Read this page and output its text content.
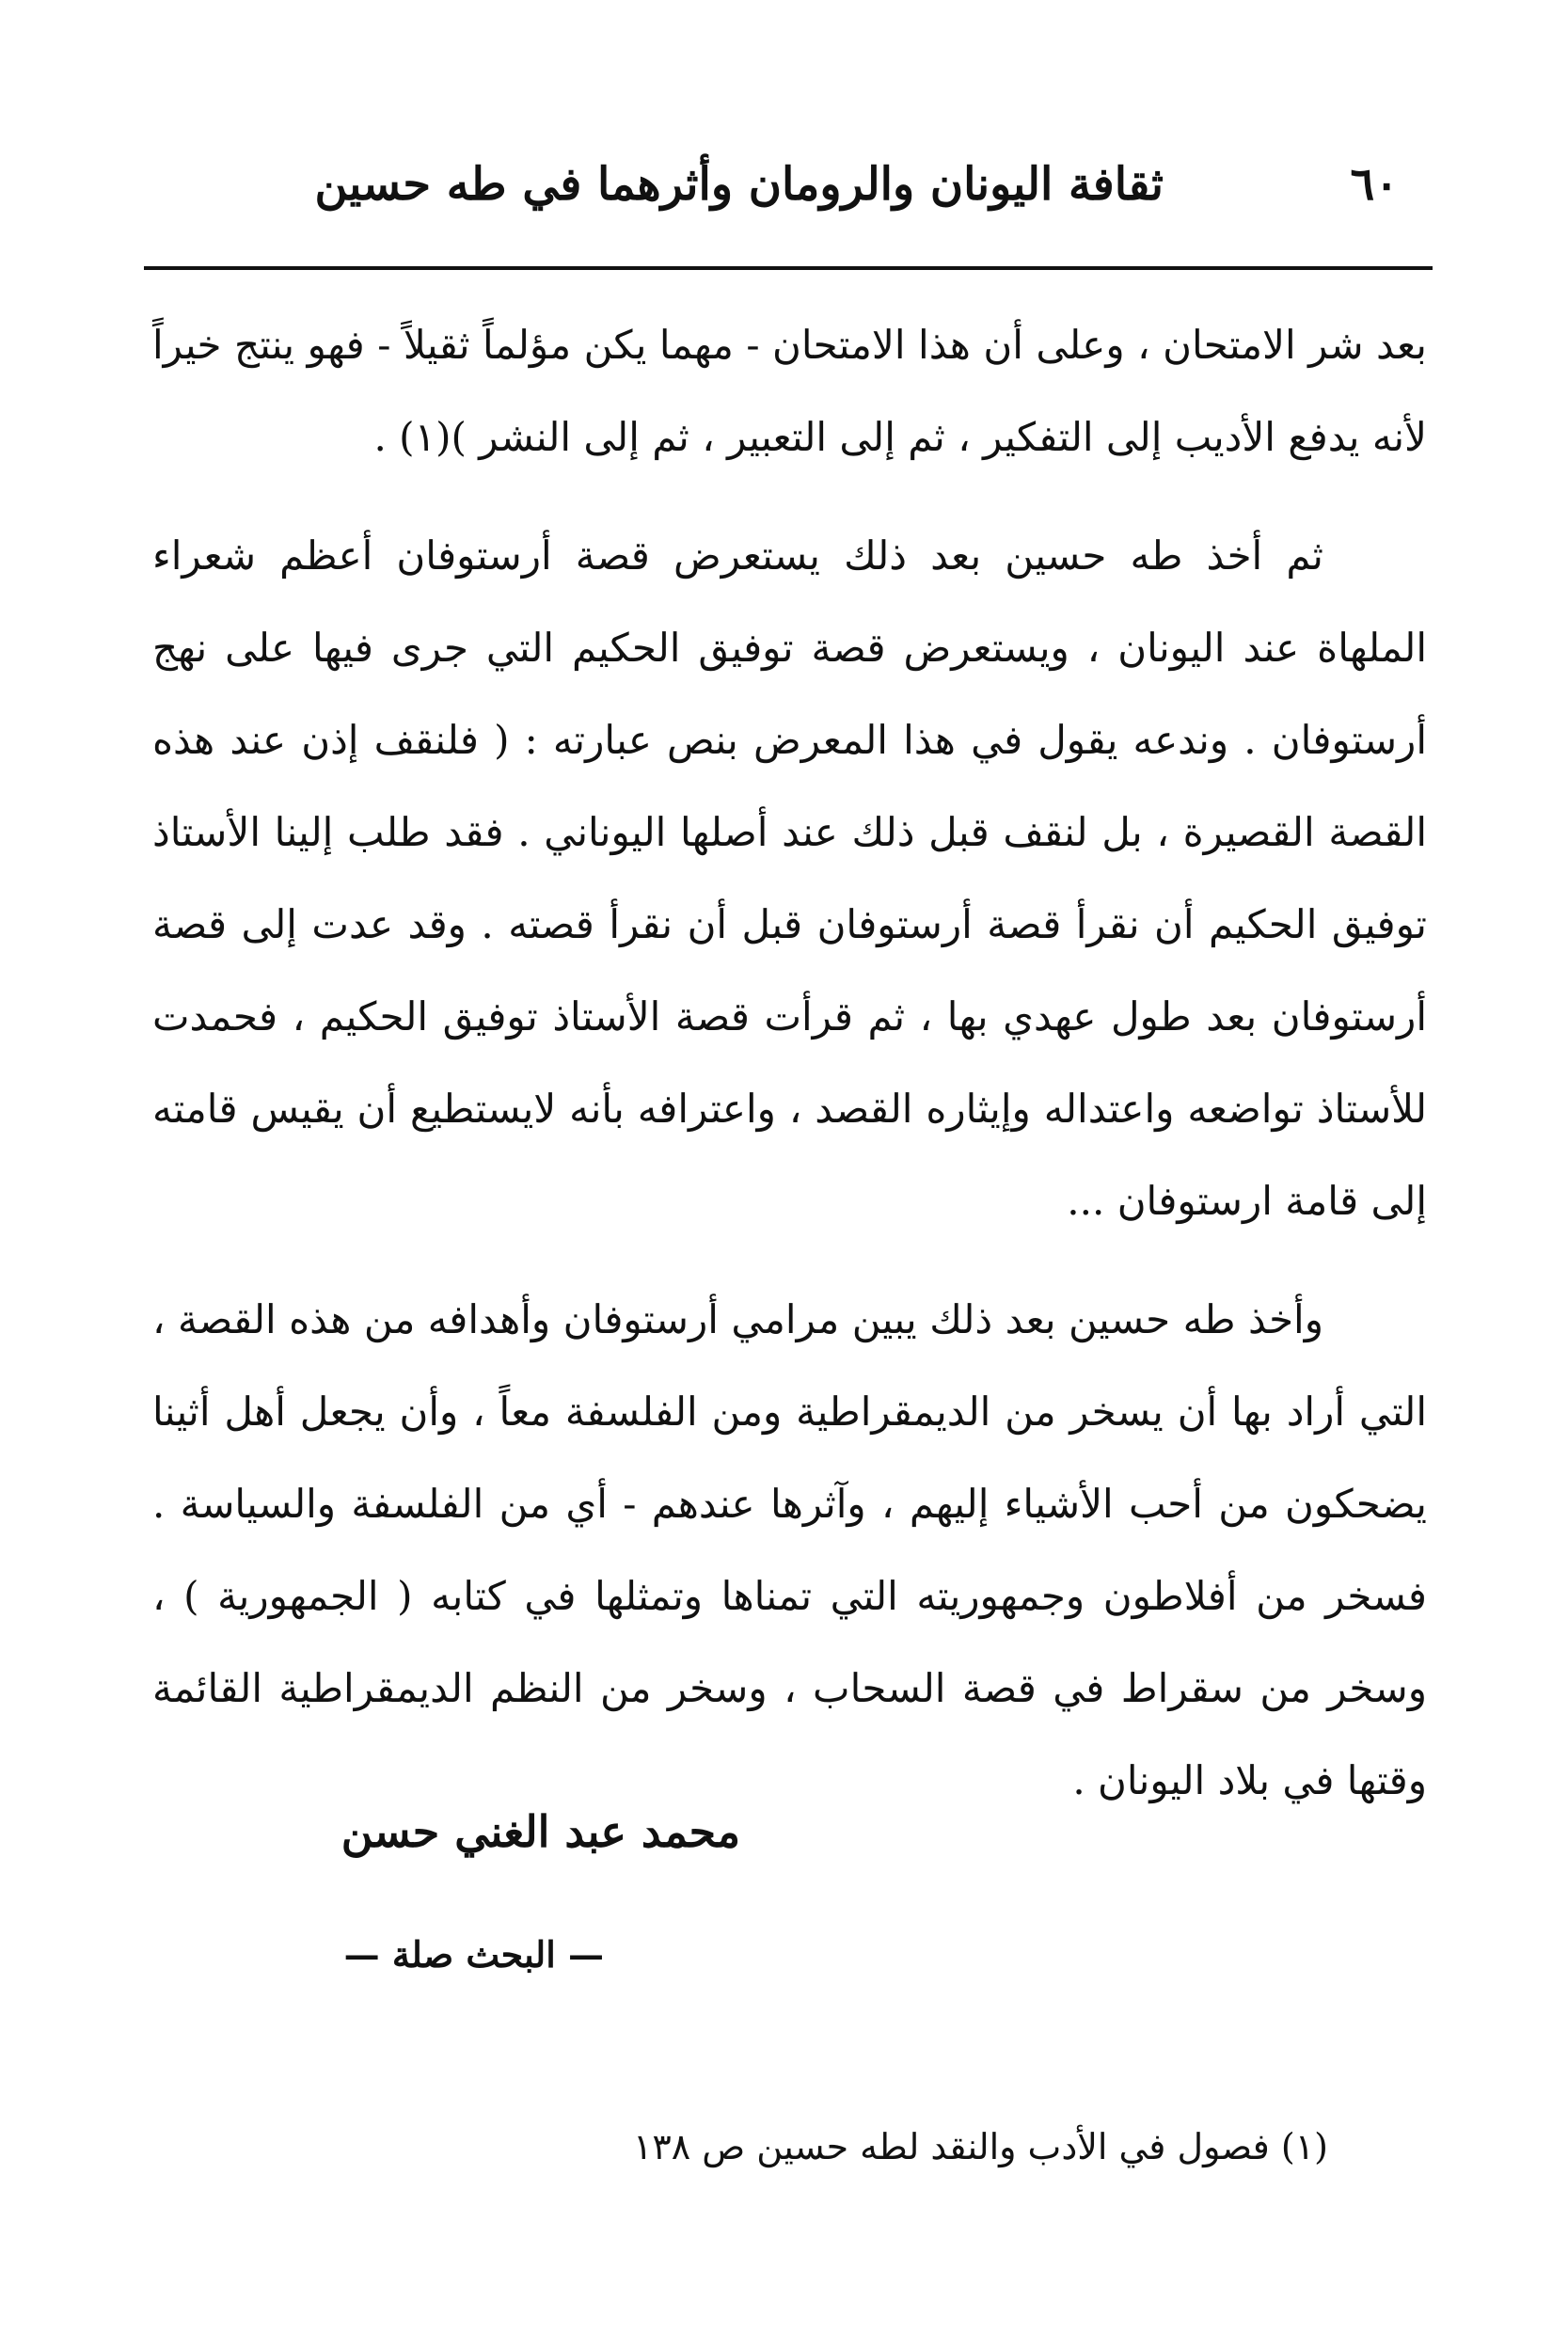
٦٠
ثقافة اليونان والرومان وأثرهما في طه حسين

بعد شر الامتحان ، وعلى أن هذا الامتحان - مهما يكن مؤلماً ثقيلاً - فهو ينتج خيراً لأنه يدفع الأديب إلى التفكير ، ثم إلى التعبير ، ثم إلى النشر )(١) .

ثم أخذ طه حسين بعد ذلك يستعرض قصة أرستوفان أعظم شعراء الملهاة عند اليونان ، ويستعرض قصة توفيق الحكيم التي جرى فيها على نهج أرستوفان . وندعه يقول في هذا المعرض بنص عبارته : ( فلنقف إذن عند هذه القصة القصيرة ، بل لنقف قبل ذلك عند أصلها اليوناني . فقد طلب إلينا الأستاذ توفيق الحكيم أن نقرأ قصة أرستوفان قبل أن نقرأ قصته . وقد عدت إلى قصة أرستوفان بعد طول عهدي بها ، ثم قرأت قصة الأستاذ توفيق الحكيم ، فحمدت للأستاذ تواضعه واعتداله وإيثاره القصد ، واعترافه بأنه لايستطيع أن يقيس قامته إلى قامة ارستوفان ...

وأخذ طه حسين بعد ذلك يبين مرامي أرستوفان وأهدافه من هذه القصة ، التي أراد بها أن يسخر من الديمقراطية ومن الفلسفة معاً ، وأن يجعل أهل أثينا يضحكون من أحب الأشياء إليهم ، وآثرها عندهم - أي من الفلسفة والسياسة . فسخر من أفلاطون وجمهوريته التي تمناها وتمثلها في كتابه ( الجمهورية ) ، وسخر من سقراط في قصة السحاب ، وسخر من النظم الديمقراطية القائمة وقتها في بلاد اليونان .

محمد عبد الغني حسن
— البحث صلة —
(١) فصول في الأدب والنقد لطه حسين ص ١٣٨
